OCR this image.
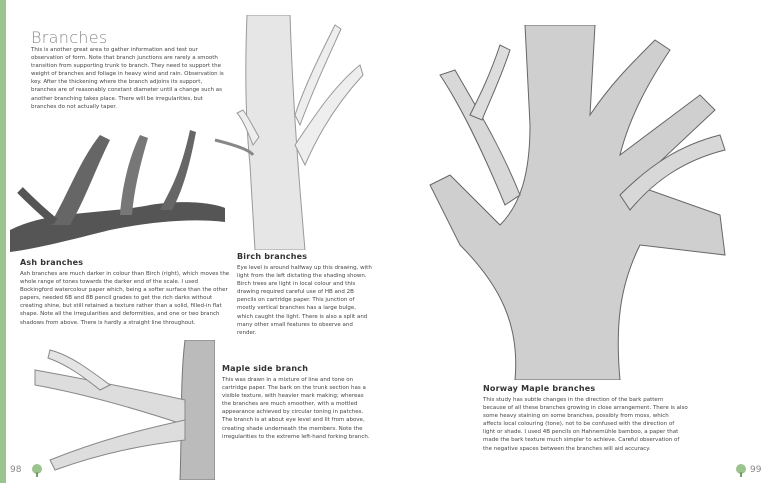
Branches
This is another great area to gather information and test our observation of form. Note that branch junctions are rarely a smooth transition from supporting trunk to branch. They need to support the weight of branches and foliage in heavy wind and rain. Observation is key. After the thickening where the branch adjoins its support, branches are of reasonably constant diameter until a change such as another branching takes place. There will be irregularities, but branches do not actually taper.
Ash branches
Ash branches are much darker in colour than Birch (right), which moves the whole range of tones towards the darker end of the scale. I used Bockingford watercolour paper which, being a softer surface than the other papers, needed 6B and 8B pencil grades to get the rich darks without creating shine, but still retained a texture rather than a solid, filled-in flat shape. Note all the irregularities and deformities, and one or two branch shadows from above. There is hardly a straight line throughout.
Birch branches
Eye level is around halfway up this drawing, with light from the left dictating the shading shown. Birch trees are light in local colour and this drawing required careful use of HB and 2B pencils on cartridge paper. This junction of mostly vertical branches has a large bulge, which caught the light. There is also a split and many other small features to observe and render.
Maple side branch
This was drawn in a mixture of line and tone on cartridge paper. The bark on the trunk section has a visible texture, with heavier mark making; whereas the branches are much smoother, with a mottled appearance achieved by circular toning in patches. The branch is at about eye level and lit from above, creating shade underneath the members. Note the irregularities to the extreme left-hand forking branch.
Norway Maple branches
This study has subtle changes in the direction of the bark pattern because of all these branches growing in close arrangement. There is also some heavy staining on some branches, possibly from moss, which affects local colouring (tone), not to be confused with the direction of light or shade. I used 4B pencils on Hahnemühle bamboo, a paper that made the bark texture much simpler to achieve. Careful observation of the negative spaces between the branches will aid accuracy.
98	99
